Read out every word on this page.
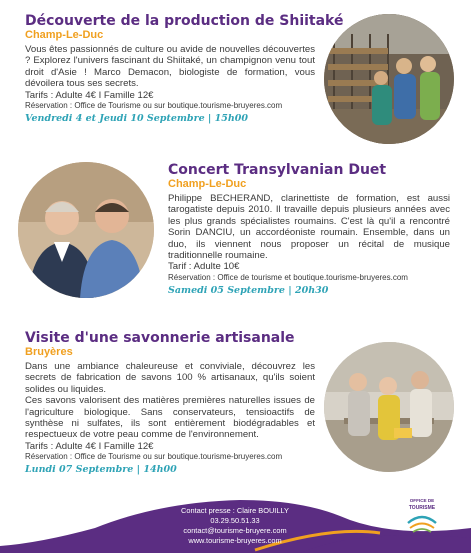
Découverte de la production de Shiitaké
Champ-Le-Duc
Vous êtes passionnés de culture ou avide de nouvelles découvertes ? Explorez l'univers fascinant du Shiitaké, un champignon venu tout droit d'Asie ! Marco Demacon, biologiste de formation, vous dévoilera tous ses secrets.
Tarifs : Adulte 4€ I Famille 12€
Réservation : Office de Tourisme ou sur boutique.tourisme-bruyeres.com
Vendredi 4 et Jeudi 10 Septembre | 15h00
Concert Transylvanian Duet
Champ-Le-Duc
Philippe BECHERAND, clarinettiste de formation, est aussi tarogatiste depuis 2010. Il travaille depuis plusieurs années avec les plus grands spécialistes roumains. C'est là qu'il a rencontré Sorin DANCIU, un accordéoniste roumain. Ensemble, dans un duo, ils viennent nous proposer un récital de musique traditionnelle roumaine.
Tarif : Adulte 10€
Réservation : Office de tourisme et boutique.tourisme-bruyeres.com
Samedi 05 Septembre | 20h30
Visite d'une savonnerie artisanale
Bruyères
Dans une ambiance chaleureuse et conviviale, découvrez les secrets de fabrication de savons 100 % artisanaux, qu'ils soient solides ou liquides.
Ces savons valorisent des matières premières naturelles issues de l'agriculture biologique. Sans conservateurs, tensioactifs de synthèse ni sulfates, ils sont entièrement biodégradables et respectueux de votre peau comme de l'environnement.
Tarifs : Adulte 4€ I Famille 12€
Réservation : Office de Tourisme ou sur boutique.tourisme-bruyeres.com
Lundi 07 Septembre | 14h00
Contact presse : Claire BOUILLY
03.29.50.51.33
contact@tourisme-bruyere.com
www.tourisme-bruyeres.com
OFFICE DE
TOURISME
